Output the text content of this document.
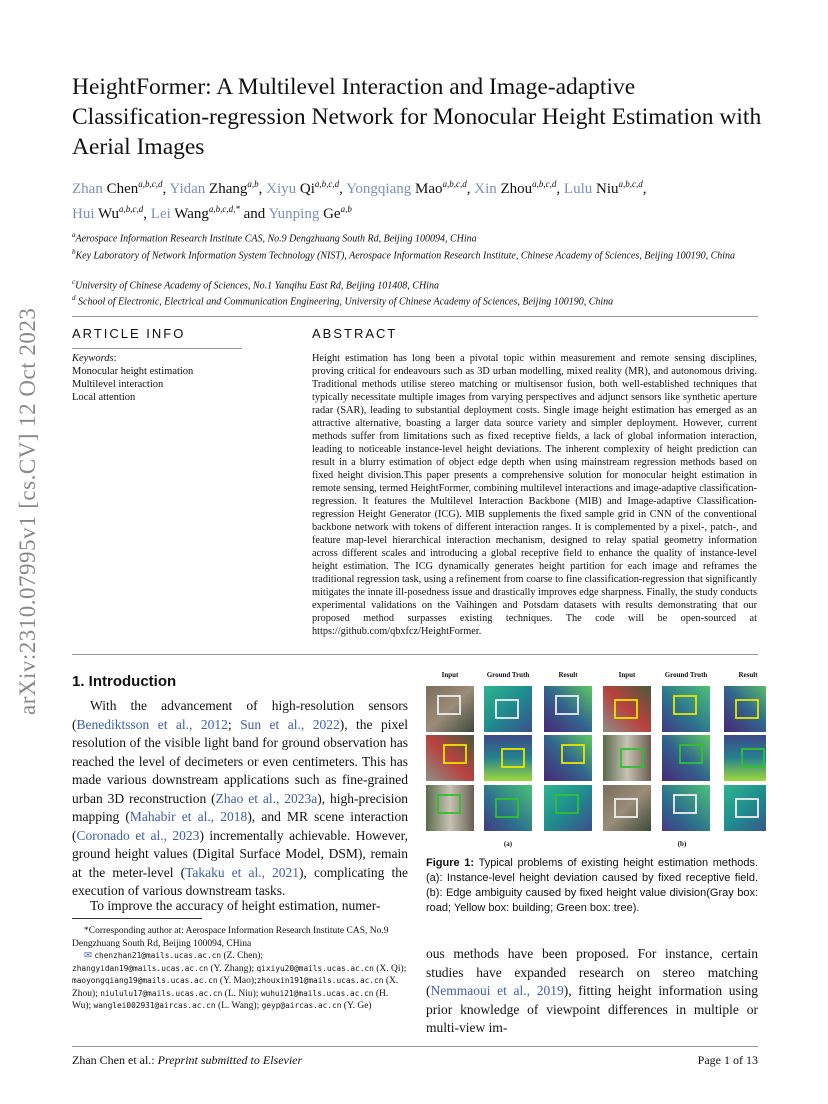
HeightFormer: A Multilevel Interaction and Image-adaptive Classification-regression Network for Monocular Height Estimation with Aerial Images
Zhan Chen$^{a,b,c,d}$, Yidan Zhang$^{a,b}$, Xiyu Qi$^{a,b,c,d}$, Yongqiang Mao$^{a,b,c,d}$, Xin Zhou$^{a,b,c,d}$, Lulu Niu$^{a,b,c,d}$,
Hui Wu$^{a,b,c,d}$, Lei Wang$^{a,b,c,d,*}$ and Yunping Ge$^{a,b}$
$^a$Aerospace Information Research Institute CAS, No.9 Dengzhuang South Rd, Beijing 100094, CHina
$^b$Key Laboratory of Network Information System Technology (NIST), Aerospace Information Research Institute, Chinese Academy of Sciences, Beijing 100190, China
$^c$University of Chinese Academy of Sciences, No.1 Yanqihu East Rd, Beijing 101408, CHina
$^d$ School of Electronic, Electrical and Communication Engineering, University of Chinese Academy of Sciences, Beijing 100190, China
ARTICLE INFO
Keywords:
Monocular height estimation
Multilevel interaction
Local attention
ABSTRACT
Height estimation has long been a pivotal topic within measurement and remote sensing disciplines, proving critical for endeavours such as 3D urban modelling, mixed reality (MR), and autonomous driving. Traditional methods utilise stereo matching or multisensor fusion, both well-established techniques that typically necessitate multiple images from varying perspectives and adjunct sensors like synthetic aperture radar (SAR), leading to substantial deployment costs. Single image height estimation has emerged as an attractive alternative, boasting a larger data source variety and simpler deployment. However, current methods suffer from limitations such as fixed receptive fields, a lack of global information interaction, leading to noticeable instance-level height deviations. The inherent complexity of height prediction can result in a blurry estimation of object edge depth when using mainstream regression methods based on fixed height division.This paper presents a comprehensive solution for monocular height estimation in remote sensing, termed HeightFormer, combining multilevel interactions and image-adaptive classification-regression. It features the Multilevel Interaction Backbone (MIB) and Image-adaptive Classification-regression Height Generator (ICG). MIB supplements the fixed sample grid in CNN of the conventional backbone network with tokens of different interaction ranges. It is complemented by a pixel-, patch-, and feature map-level hierarchical interaction mechanism, designed to relay spatial geometry information across different scales and introducing a global receptive field to enhance the quality of instance-level height estimation. The ICG dynamically generates height partition for each image and reframes the traditional regression task, using a refinement from coarse to fine classification-regression that significantly mitigates the innate ill-posedness issue and drastically improves edge sharpness. Finally, the study conducts experimental validations on the Vaihingen and Potsdam datasets with results demonstrating that our proposed method surpasses existing techniques. The code will be open-sourced at https://github.com/qbxfcz/HeightFormer.
arXiv:2310.07995v1 [cs.CV] 12 Oct 2023	1. Introduction
With the advancement of high-resolution sensors (Benediktsson et al., 2012; Sun et al., 2022), the pixel resolution of the visible light band for ground observation has reached the level of decimeters or even centimeters. This has made various downstream applications such as fine-grained urban 3D reconstruction (Zhao et al., 2023a), high-precision mapping (Mahabir et al., 2018), and MR scene interaction (Coronado et al., 2023) incrementally achievable. However, ground height values (Digital Surface Model, DSM), remain at the meter-level (Takaku et al., 2021), complicating the execution of various downstream tasks.
To improve the accuracy of height estimation, numer-
*Corresponding author at: Aerospace Information Research Institute CAS, No.9 Dengzhuang South Rd, Beijing 100094, CHina
✉ chenzhan21@mails.ucas.ac.cn (Z. Chen);
zhangyidan19@mails.ucas.ac.cn (Y. Zhang); qixiyu20@mails.ucas.ac.cn (X. Qi); maoyongqiang19@mails.ucas.ac.cn (Y. Mao);zhouxin191@mails.ucas.ac.cn (X. Zhou); niululu17@mails.ucas.ac.cn (L. Niu); wuhui21@mails.ucas.ac.cn (H. Wu); wanglei002931@aircas.ac.cn (L. Wang); geyp@aircas.ac.cn (Y. Ge)
Input	Ground Truth	Result	Input	Ground Truth	Result
(a)	(b)
Figure 1: Typical problems of existing height estimation methods. (a): Instance-level height deviation caused by fixed receptive field. (b): Edge ambiguity caused by fixed height value division(Gray box: road; Yellow box: building; Green box: tree).
ous methods have been proposed. For instance, certain studies have expanded research on stereo matching (Nemmaoui et al., 2019), fitting height information using prior knowledge of viewpoint differences in multiple or multi-view im-
Zhan Chen et al.: Preprint submitted to Elsevier	Page 1 of 13
